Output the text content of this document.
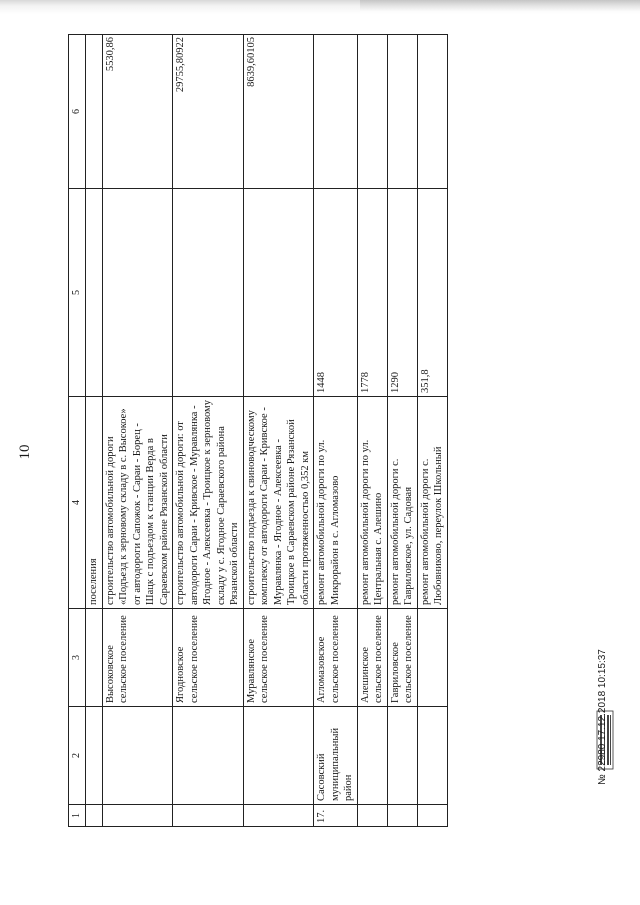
10
1	2	3	4	5	6
			поселения		
		Высоковское сельское поселение	строительство автомобильной дороги «Подъезд к зерновому складу в с. Высокое» от автодороги Сапожок - Сараи - Борец - Шацк с подъездом к станции Верда в Сараевском районе Рязанской области		5530,86
		Ягодновское сельское поселение	строительство автомобильной дороги: от автодороги Сараи - Кривское - Муравлянка - Ягодное - Алексеевка - Троицкое к зерновому складу у с. Ягодное Сараевского района Рязанской области		29755,80922
		Муравлянское сельское поселение	строительство подъезда к свиноводческому комплексу от автодороги Сараи - Кривское - Муравлянка - Ягодное - Алексеевка - Троицкое в Сараевском районе Рязанской области протяженностью 0,352 км		8639,60105
17.	Сасовский муниципальный район	Агломазовское сельское поселение	ремонт автомобильной дороги по ул. Микрорайон в с. Агломазово	1448	
		Алешинское сельское поселение	ремонт автомобильной дороги по ул. Центральная с. Алешино	1778	
		Гавриловское сельское поселение	ремонт автомобильной дороги с. Гавриловское, ул. Садовая	1290	
			ремонт автомобильной дороги с. Любовниково, переулок Школьный	351,8	
№ 22980 17.12.2018 10:15:37
